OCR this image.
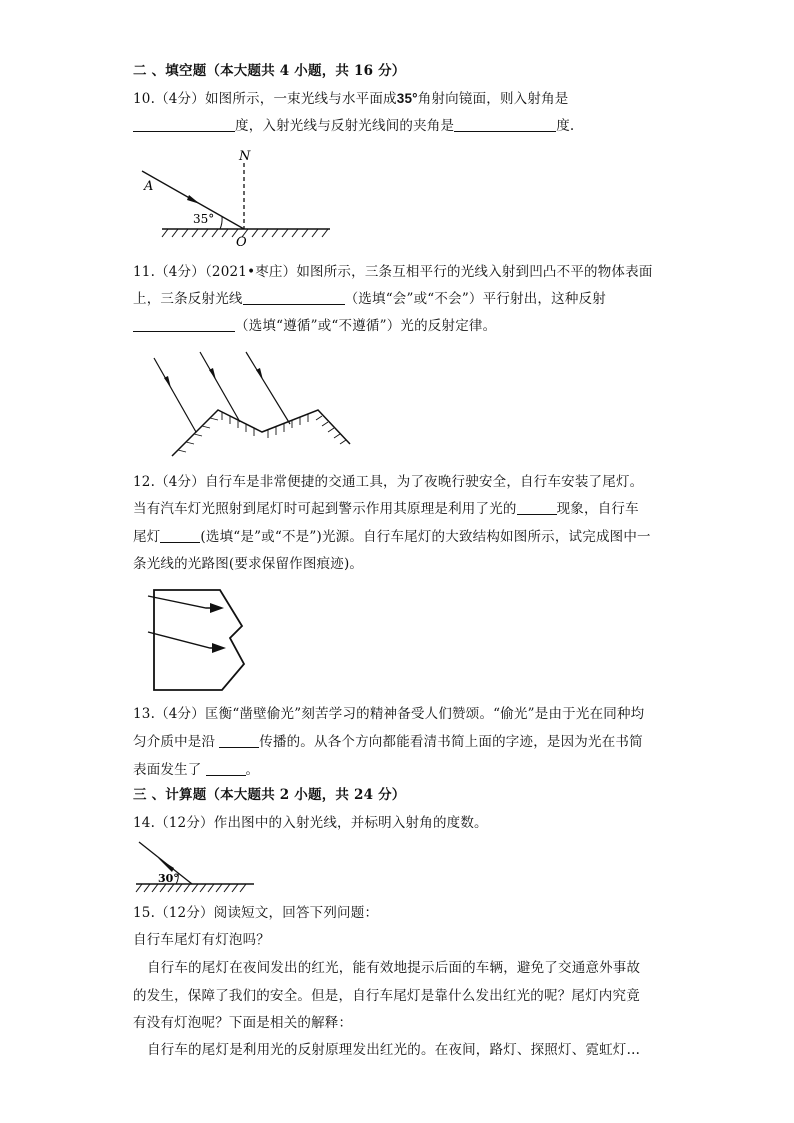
二 、填空题（本大题共 4 小题，共 16 分）
10.（4分）如图所示，一束光线与水平面成35°角射向镜面，则入射角是
度，入射光线与反射光线间的夹角是	度.
A
N
O
35°
11.（4分）（2021•枣庄）如图所示，三条互相平行的光线入射到凹凸不平的物体表面
上，三条反射光线	（选填“会”或“不会”）平行射出，这种反射
（选填“遵循”或“不遵循”）光的反射定律。
12.（4分）自行车是非常便捷的交通工具，为了夜晚行驶安全，自行车安装了尾灯。
当有汽车灯光照射到尾灯时可起到警示作用其原理是利用了光的	现象，自行车
尾灯	(选填“是”或“不是”)光源。自行车尾灯的大致结构如图所示，试完成图中一
条光线的光路图(要求保留作图痕迹)。
13.（4分）匡衡“凿壁偷光”刻苦学习的精神备受人们赞颂。“偷光”是由于光在同种均
匀介质中是沿	传播的。从各个方向都能看清书简上面的字迹，是因为光在书简
表面发生了	。
三 、计算题（本大题共 2 小题，共 24 分）
14.（12分）作出图中的入射光线，并标明入射角的度数。
30°
15.（12分）阅读短文，回答下列问题：
自行车尾灯有灯泡吗？
自行车的尾灯在夜间发出的红光，能有效地提示后面的车辆，避免了交通意外事故
的发生，保障了我们的安全。但是，自行车尾灯是靠什么发出红光的呢？尾灯内究竟
有没有灯泡呢？下面是相关的解释：
自行车的尾灯是利用光的反射原理发出红光的。在夜间，路灯、探照灯、霓虹灯…
